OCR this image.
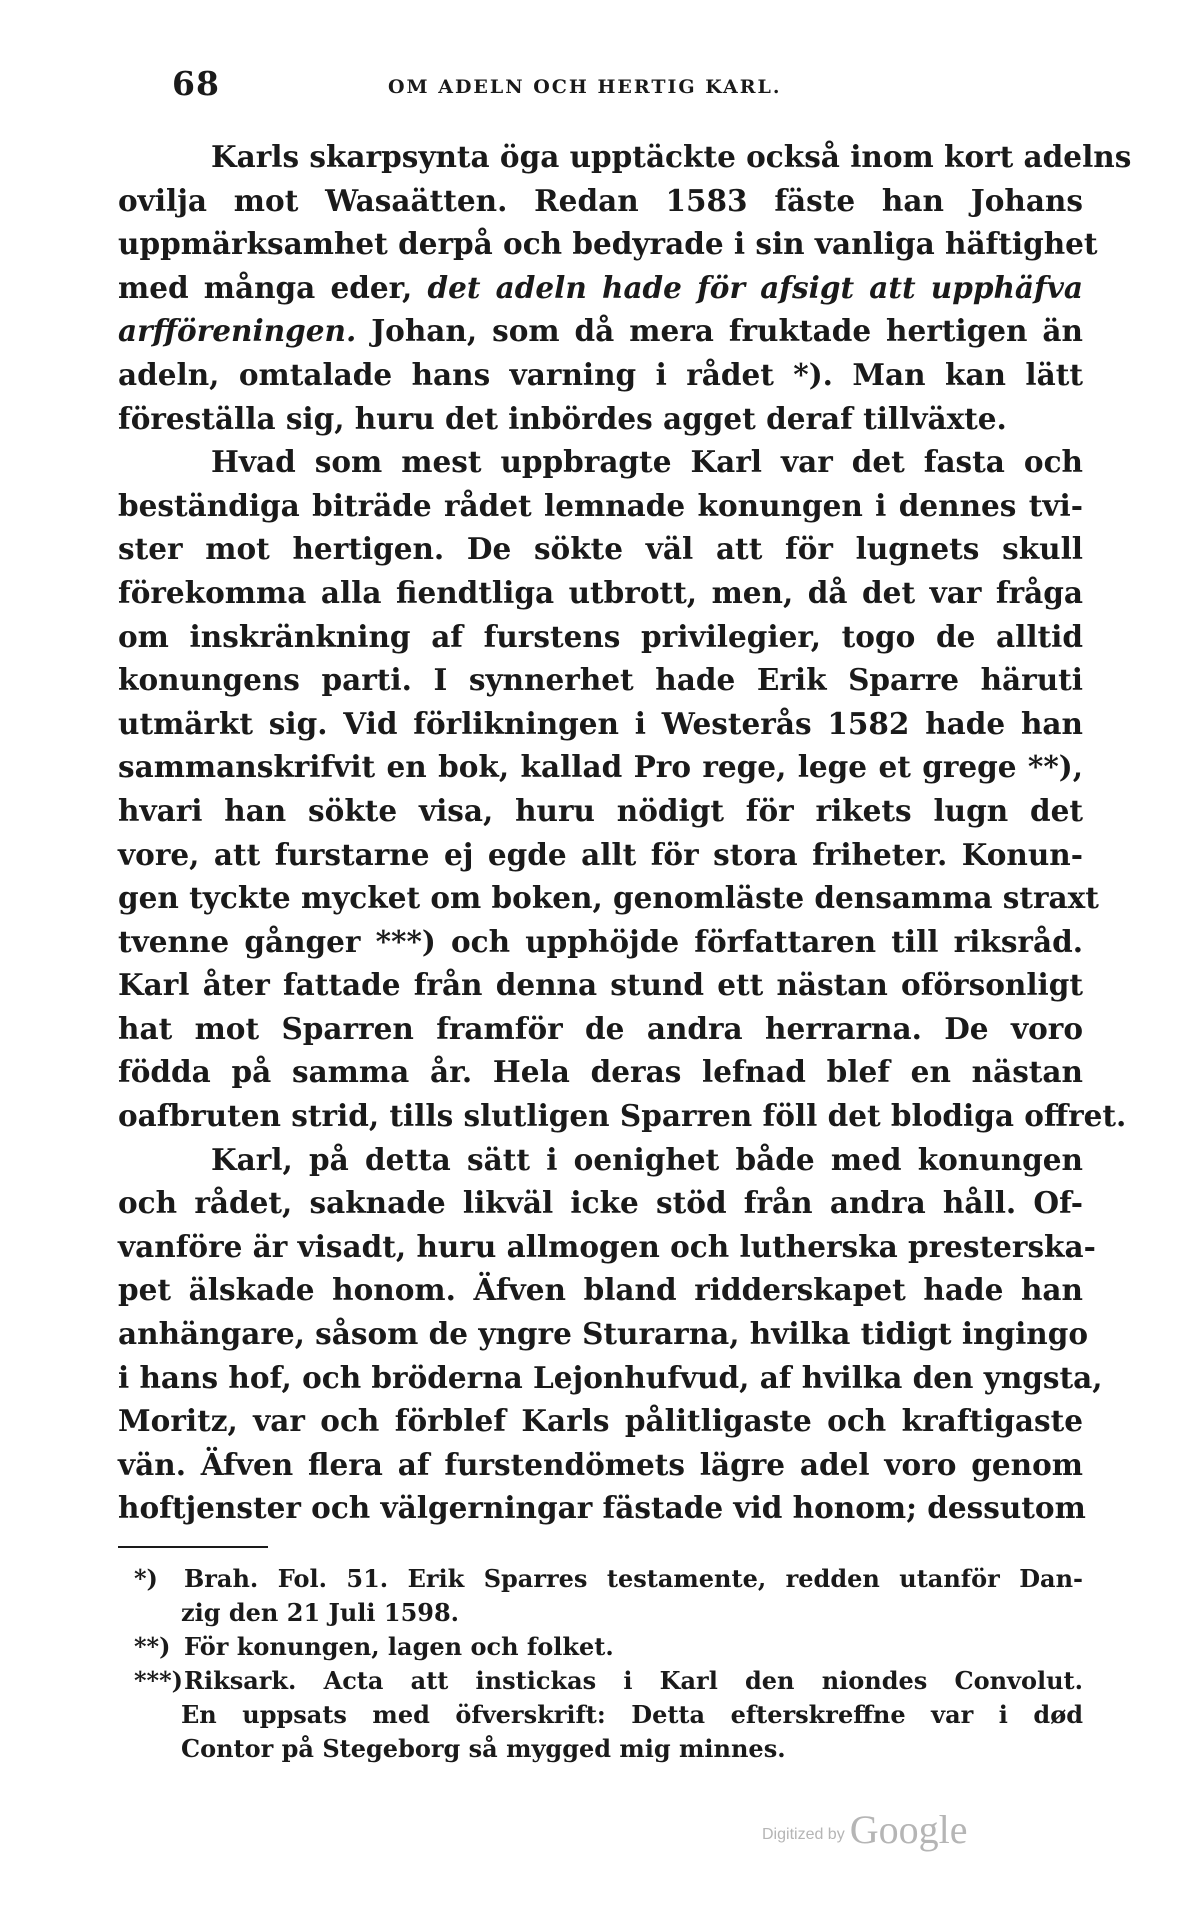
68	OM ADELN OCH HERTIG KARL.
Karls skarpsynta öga upptäckte också inom kort adelns
ovilja mot Wasaätten. Redan 1583 fäste han Johans
uppmärksamhet derpå och bedyrade i sin vanliga häftighet
med många eder, det adeln hade för afsigt att upphäfva
arfföreningen. Johan, som då mera fruktade hertigen än
adeln, omtalade hans varning i rådet *). Man kan lätt
föreställa sig, huru det inbördes agget deraf tillväxte.
Hvad som mest uppbragte Karl var det fasta och
beständiga biträde rådet lemnade konungen i dennes tvi-
ster mot hertigen. De sökte väl att för lugnets skull
förekomma alla fiendtliga utbrott, men, då det var fråga
om inskränkning af furstens privilegier, togo de alltid
konungens parti. I synnerhet hade Erik Sparre häruti
utmärkt sig. Vid förlikningen i Westerås 1582 hade han
sammanskrifvit en bok, kallad Pro rege, lege et grege **),
hvari han sökte visa, huru nödigt för rikets lugn det
vore, att furstarne ej egde allt för stora friheter. Konun-
gen tyckte mycket om boken, genomläste densamma straxt
tvenne gånger ***) och upphöjde författaren till riksråd.
Karl åter fattade från denna stund ett nästan oförsonligt
hat mot Sparren framför de andra herrarna. De voro
födda på samma år. Hela deras lefnad blef en nästan
oafbruten strid, tills slutligen Sparren föll det blodiga offret.
Karl, på detta sätt i oenighet både med konungen
och rådet, saknade likväl icke stöd från andra håll. Of-
vanföre är visadt, huru allmogen och lutherska presterska-
pet älskade honom. Äfven bland ridderskapet hade han
anhängare, såsom de yngre Sturarna, hvilka tidigt ingingo
i hans hof, och bröderna Lejonhufvud, af hvilka den yngsta,
Moritz, var och förblef Karls pålitligaste och kraftigaste
vän. Äfven flera af furstendömets lägre adel voro genom
hoftjenster och välgerningar fästade vid honom; dessutom
*) Brah. Fol. 51. Erik Sparres testamente, redden utanför Dan-
zig den 21 Juli 1598.
**) För konungen, lagen och folket.
***)Riksark. Acta att instickas i Karl den niondes Convolut.
En uppsats med öfverskrift: Detta efterskreffne var i død
Contor på Stegeborg så mygged mig minnes.
Digitized by Google
